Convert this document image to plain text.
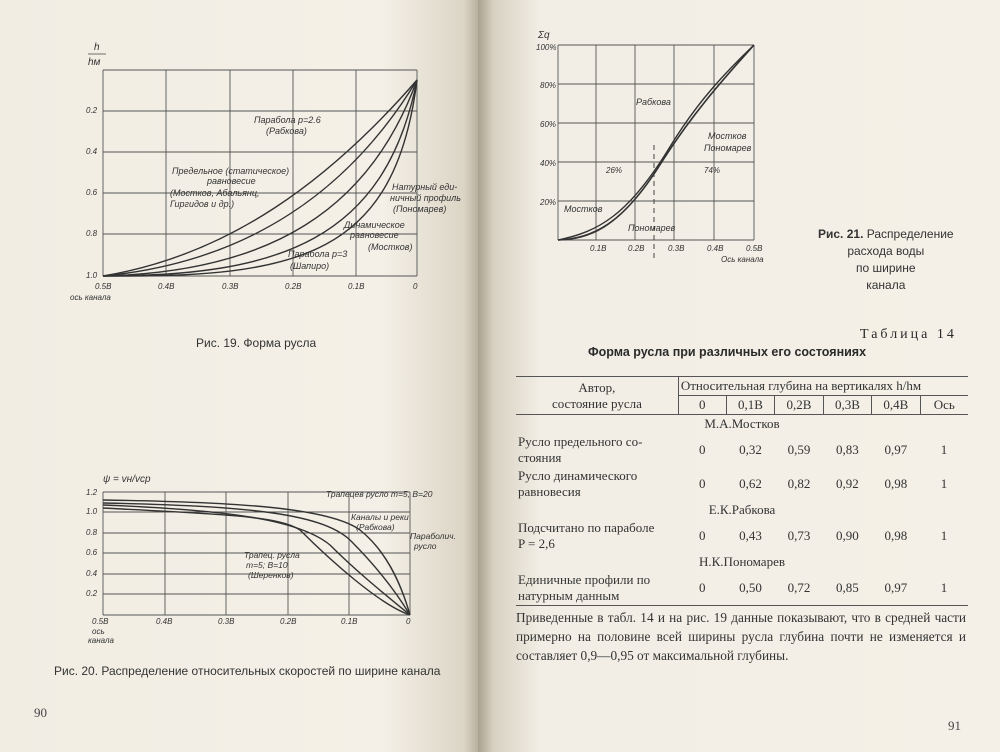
h
hм
0.2
0.4
0.6
0.8
1.0
0.5B	0.4B	0.3B	0.2B	0.1B	0
ось канала
Парабола p=2.6
(Рабкова)
Предельное (статическое)
равновесие
(Мостков, Абальянц,
Гиргидов и др.)
Натурный еди-
ничный профиль
(Пономарев)
Динамическое
равновесие
(Мостков)
Парабола p=3
(Шапиро)
Рис. 19. Форма русла
ψ = vн/vср
1.2
1.0
0.8
0.6
0.4
0.2
0.5B	0.4B	0.3B	0.2B	0.1B	0
ось
канала
Трапецев русло m=5, B=20
Каналы и реки
(Рабкова)
Параболич.
русло
Трапец. русла
m=5; B=10
(Шеренков)
Рис. 20. Распределение относительных скоростей по ширине канала
90
Σq
100%
80%
60%
40%
20%
0.1B	0.2B	0.3B	0.4B	0.5B
Ось канала
Рабкова
Мостков
Пономарев
26%	74%
Мостков
Пономарев	Рис. 21. Распределение
расхода воды
по ширине
канала
Таблица 14
Форма русла при различных его состояниях
Автор,
состояние русла	Относительная глубина на вертикалях h/hм					
	0	0,1B	0,2B	0,3B	0,4B	Ось
М.А.Мостков						

Русло предельного со-
стояния	0	0,32	0,59	0,83	0,97	1

Русло динамического
равновесия	0	0,62	0,82	0,92	0,98	1
Е.К.Рабкова						

Подсчитано по параболе
P = 2,6	0	0,43	0,73	0,90	0,98	1
Н.К.Пономарев						

Единичные профили по
натурным данным	0	0,50	0,72	0,85	0,97	1
Приведенные в табл. 14 и на рис. 19 данные показывают, что в средней части примерно на половине всей ширины русла глубина почти не изменяется и составляет 0,9—0,95 от максимальной глубины.
91
